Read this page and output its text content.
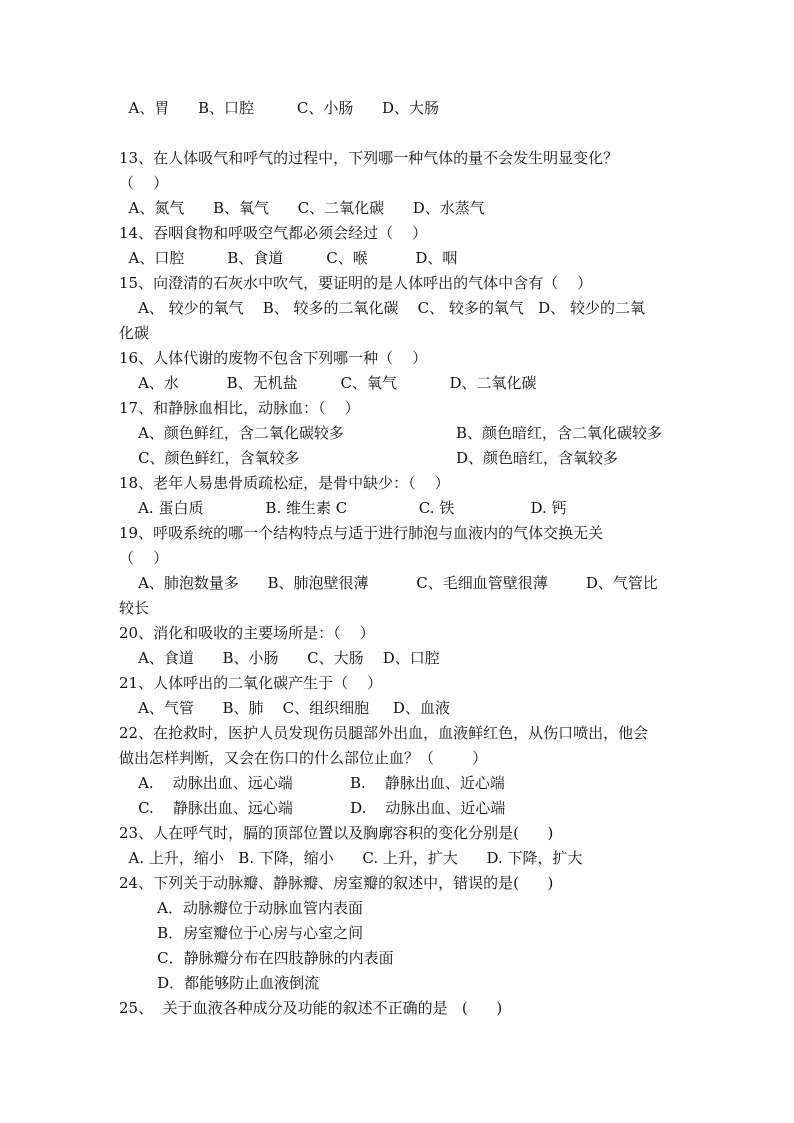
A、胃      B、口腔         C、小肠      D、大肠
13、在人体吸气和呼气的过程中，下列哪一种气体的量不会发生明显变化？
（    ）
A、氮气      B、氧气      C、二氧化碳      D、水蒸气
14、吞咽食物和呼吸空气都必须会经过（    ）
A、口腔         B、食道         C、喉          D、咽
15、向澄清的石灰水中吹气，要证明的是人体呼出的气体中含有（    ）
A、 较少的氧气    B、 较多的二氧化碳    C、 较多的氧气   D、 较少的二氧
化碳
16、人体代谢的废物不包含下列哪一种（    ）
A、水          B、无机盐         C、氧气           D、二氧化碳
17、和静脉血相比，动脉血：（    ）
A、颜色鲜红，含二氧化碳较多	B、颜色暗红，含二氧化碳较多
C、颜色鲜红，含氧较多	D、颜色暗红，含氧较多
18、老年人易患骨质疏松症，是骨中缺少：（    ）
A. 蛋白质             B. 维生素 C               C. 铁                D. 钙
19、呼吸系统的哪一个结构特点与适于进行肺泡与血液内的气体交换无关
（    ）
A、肺泡数量多      B、肺泡壁很薄          C、毛细血管壁很薄        D、气管比
较长
20、消化和吸收的主要场所是：（    ）
A、食道      B、小肠      C、大肠    D、口腔
21、人体呼出的二氧化碳产生于（    ）
A、气管      B、肺    C、组织细胞     D、血液
22、在抢救时，医护人员发现伤员腿部外出血，血液鲜红色，从伤口喷出，他会
做出怎样判断，又会在伤口的什么部位止血？（        ）
A.    动脉出血、远心端            B.    静脉出血、近心端
C.    静脉出血、远心端            D.    动脉出血、近心端
23、人在呼气时，膈的顶部位置以及胸廓容积的变化分别是(      )
A. 上升，缩小   B. 下降，缩小      C. 上升，扩大      D. 下降，扩大
24、下列关于动脉瓣、静脉瓣、房室瓣的叙述中，错误的是(      )
A．动脉瓣位于动脉血管内表面
B．房室瓣位于心房与心室之间
C．静脉瓣分布在四肢静脉的内表面
D．都能够防止血液倒流
25、  关于血液各种成分及功能的叙述不正确的是   (      )
